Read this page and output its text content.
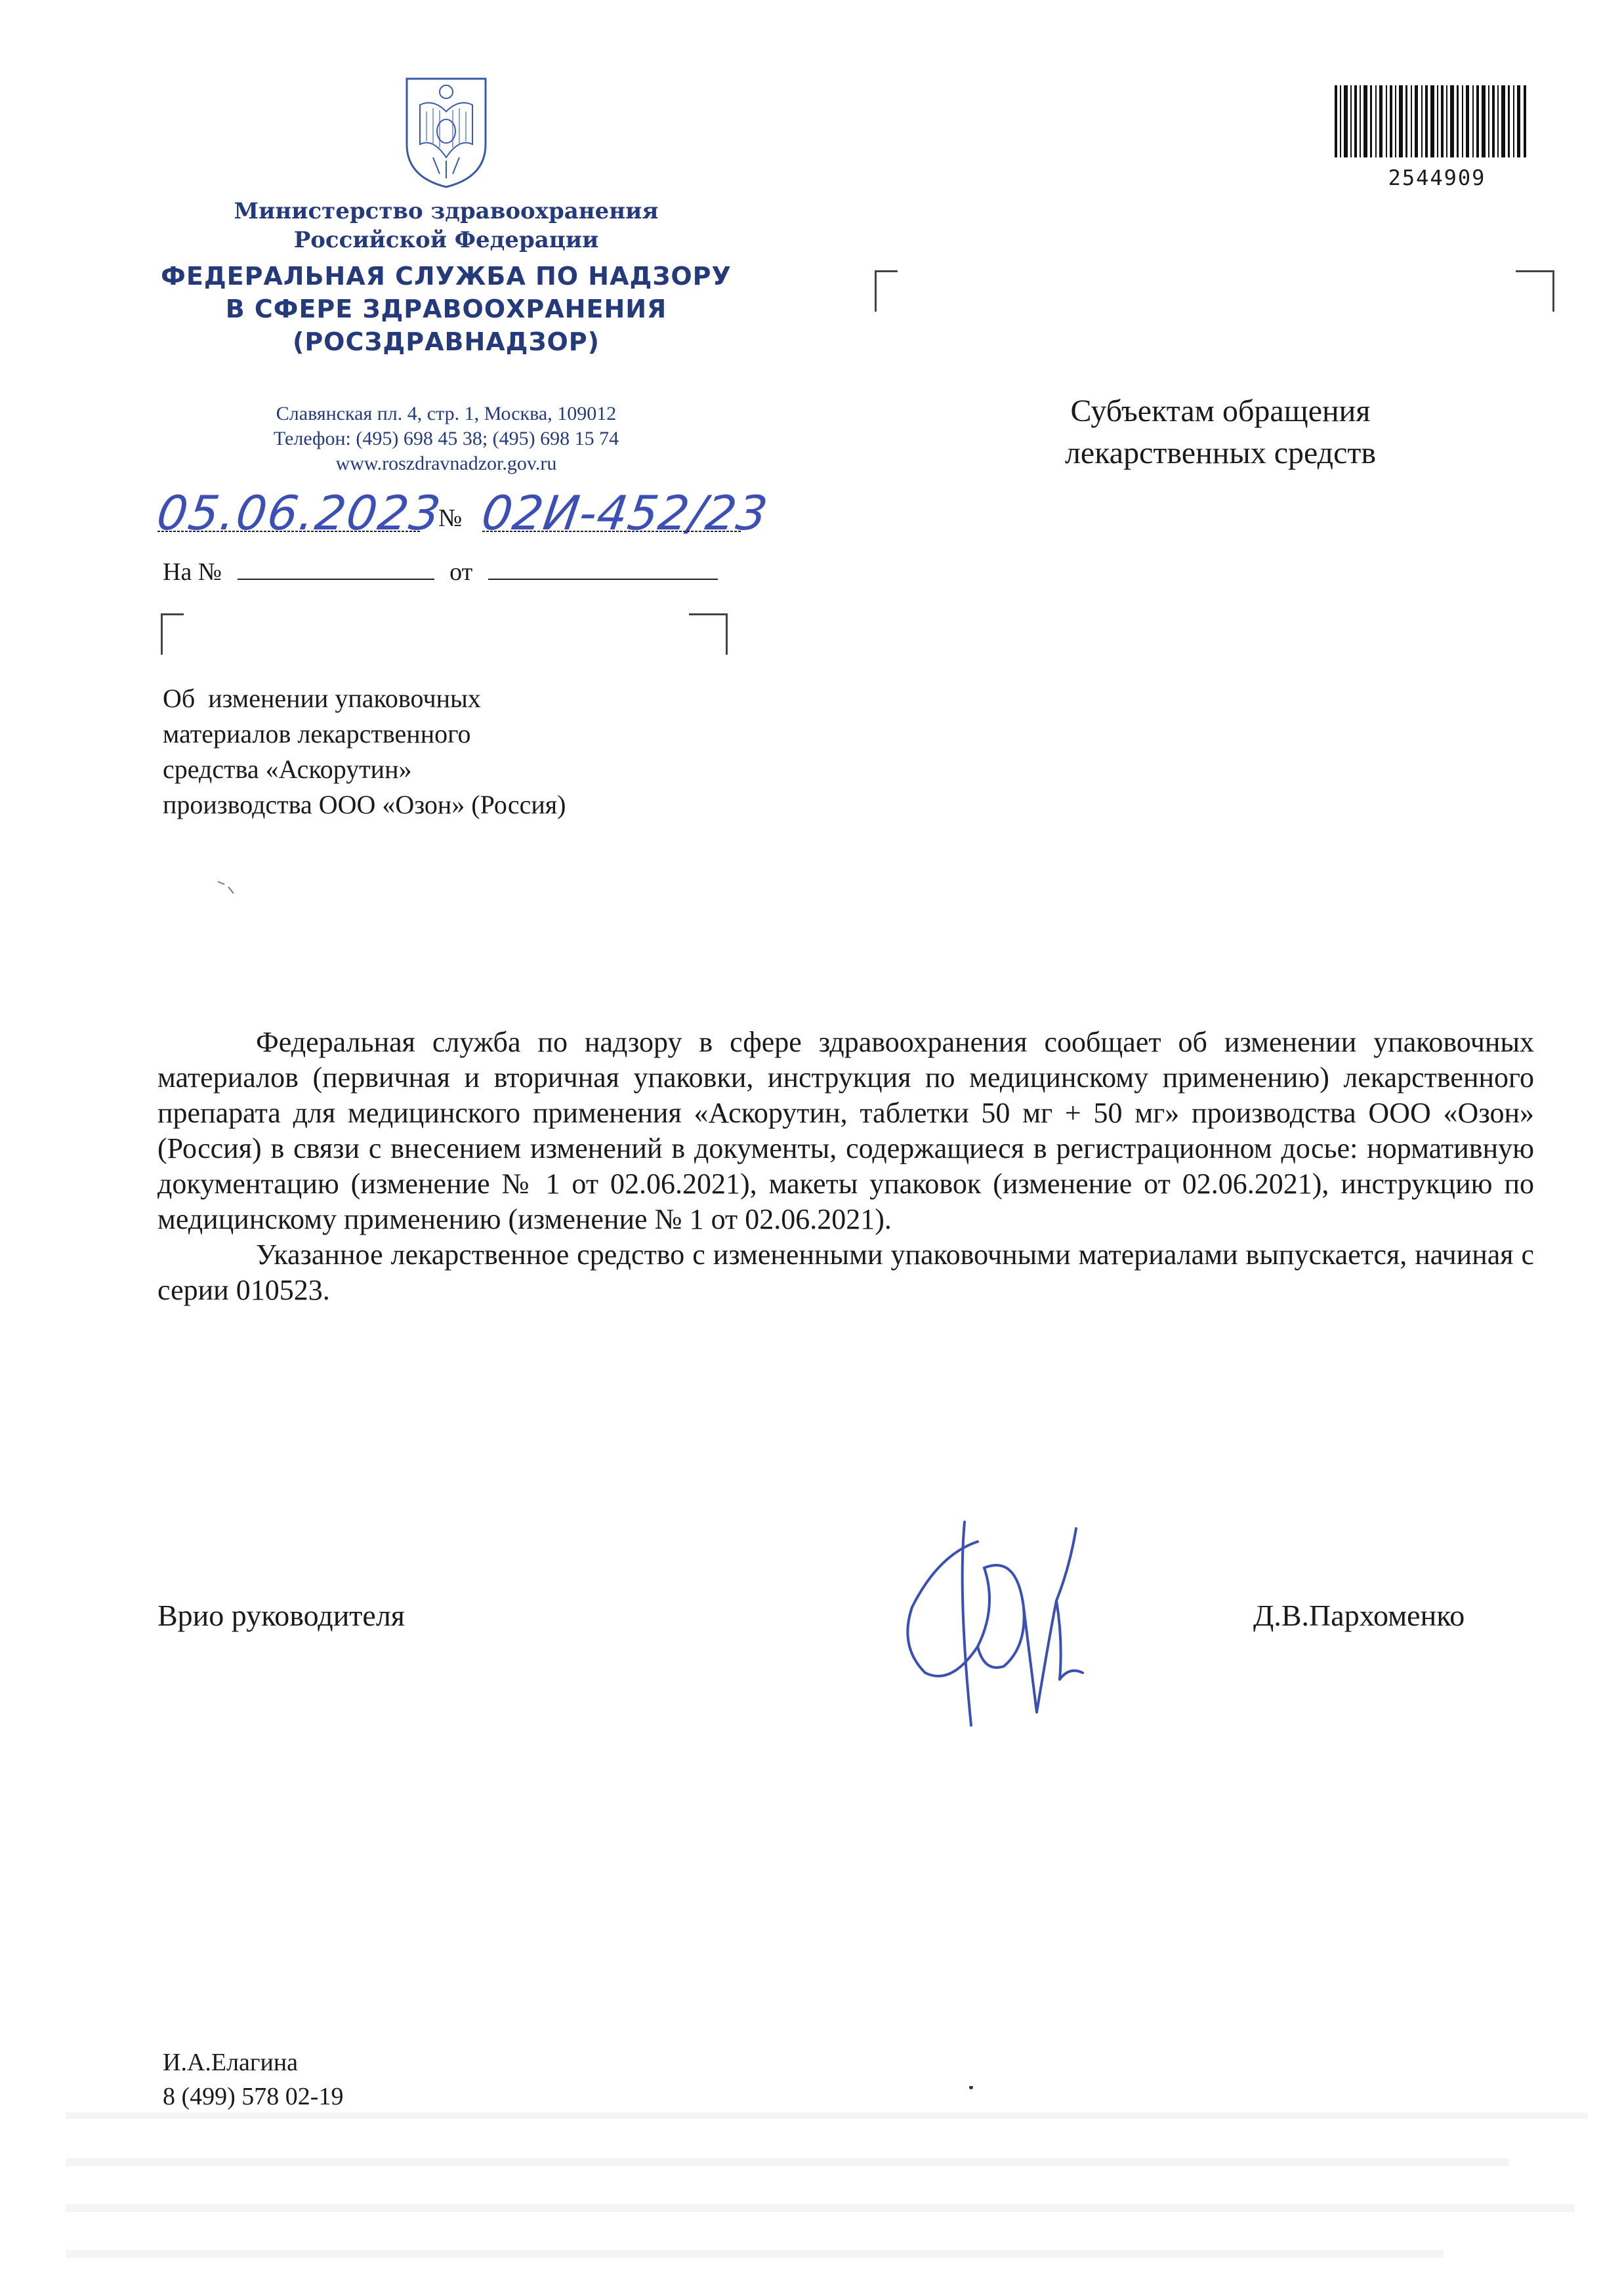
Министерство здравоохранения
Российской Федерации
ФЕДЕРАЛЬНАЯ СЛУЖБА ПО НАДЗОРУ
В СФЕРЕ ЗДРАВООХРАНЕНИЯ
(РОСЗДРАВНАДЗОР)
Славянская пл. 4, стр. 1, Москва, 109012
Телефон: (495) 698 45 38; (495) 698 15 74
www.roszdravnadzor.gov.ru
05.06.2023
№ 02И-452/23
На №	от
2544909
Субъектам обращения
лекарственных средств
Об  изменении упаковочных
материалов лекарственного
средства «Аскорутин»
производства ООО «Озон» (Россия)

Федеральная служба по надзору в сфере здравоохранения сообщает об изменении упаковочных материалов (первичная и вторичная упаковки, инструкция по медицинскому применению) лекарственного препарата для медицинского применения «Аскорутин, таблетки 50 мг + 50 мг» производства ООО «Озон» (Россия) в связи с внесением изменений в документы, содержащиеся в регистрационном досье: нормативную документацию (изменение № 1 от 02.06.2021), макеты упаковок (изменение от 02.06.2021), инструкцию по медицинскому применению (изменение № 1 от 02.06.2021).

Указанное лекарственное средство с измененными упаковочными материалами выпускается, начиная с серии 010523.

Врио руководителя	Д.В.Пархоменко
И.А.Елагина
8 (499) 578 02-19
